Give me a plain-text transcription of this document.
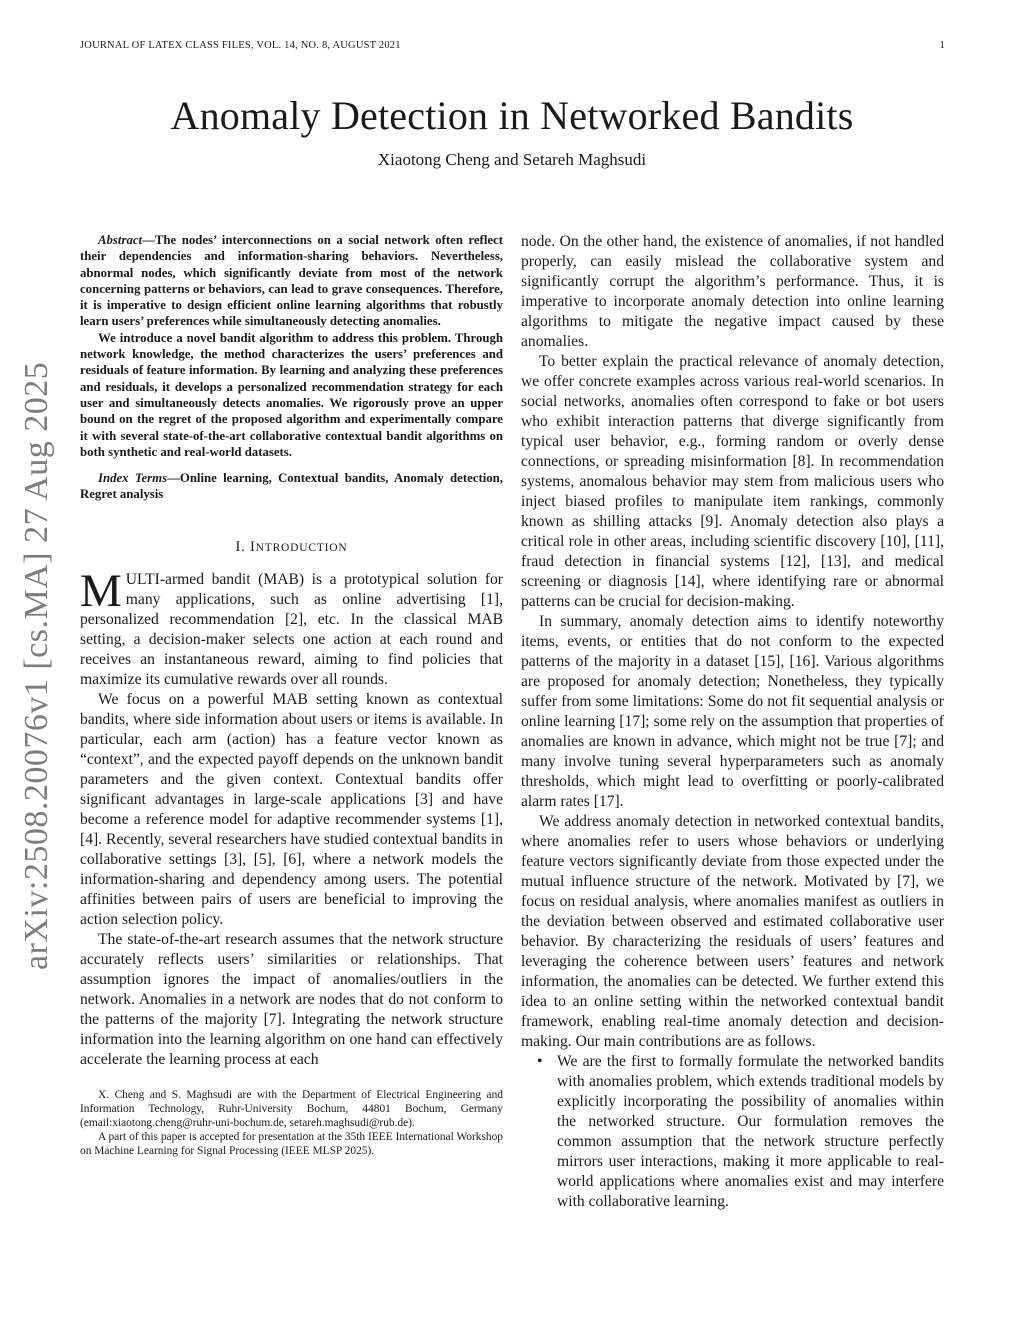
JOURNAL OF LATEX CLASS FILES, VOL. 14, NO. 8, AUGUST 2021	1
arXiv:2508.20076v1 [cs.MA] 27 Aug 2025
Anomaly Detection in Networked Bandits
Xiaotong Cheng and Setareh Maghsudi

Abstract—The nodes’ interconnections on a social network often reflect their dependencies and information-sharing behaviors. Nevertheless, abnormal nodes, which significantly deviate from most of the network concerning patterns or behaviors, can lead to grave consequences. Therefore, it is imperative to design efficient online learning algorithms that robustly learn users’ preferences while simultaneously detecting anomalies.

We introduce a novel bandit algorithm to address this problem. Through network knowledge, the method characterizes the users’ preferences and residuals of feature information. By learning and analyzing these preferences and residuals, it develops a personalized recommendation strategy for each user and simultaneously detects anomalies. We rigorously prove an upper bound on the regret of the proposed algorithm and experimentally compare it with several state-of-the-art collaborative contextual bandit algorithms on both synthetic and real-world datasets.

Index Terms—Online learning, Contextual bandits, Anomaly detection, Regret analysis
I. INTRODUCTION

MULTI-armed bandit (MAB) is a prototypical solution for many applications, such as online advertising [1], personalized recommendation [2], etc. In the classical MAB setting, a decision-maker selects one action at each round and receives an instantaneous reward, aiming to find policies that maximize its cumulative rewards over all rounds.

We focus on a powerful MAB setting known as contextual bandits, where side information about users or items is available. In particular, each arm (action) has a feature vector known as “context”, and the expected payoff depends on the unknown bandit parameters and the given context. Contextual bandits offer significant advantages in large-scale applications [3] and have become a reference model for adaptive recommender systems [1], [4]. Recently, several researchers have studied contextual bandits in collaborative settings [3], [5], [6], where a network models the information-sharing and dependency among users. The potential affinities between pairs of users are beneficial to improving the action selection policy.

The state-of-the-art research assumes that the network structure accurately reflects users’ similarities or relationships. That assumption ignores the impact of anomalies/outliers in the network. Anomalies in a network are nodes that do not conform to the patterns of the majority [7]. Integrating the network structure information into the learning algorithm on one hand can effectively accelerate the learning process at each

X. Cheng and S. Maghsudi are with the Department of Electrical Engineering and Information Technology, Ruhr-University Bochum, 44801 Bochum, Germany (email:xiaotong.cheng@ruhr-uni-bochum.de, setareh.maghsudi@rub.de).

A part of this paper is accepted for presentation at the 35th IEEE International Workshop on Machine Learning for Signal Processing (IEEE MLSP 2025).

node. On the other hand, the existence of anomalies, if not handled properly, can easily mislead the collaborative system and significantly corrupt the algorithm’s performance. Thus, it is imperative to incorporate anomaly detection into online learning algorithms to mitigate the negative impact caused by these anomalies.

To better explain the practical relevance of anomaly detection, we offer concrete examples across various real-world scenarios. In social networks, anomalies often correspond to fake or bot users who exhibit interaction patterns that diverge significantly from typical user behavior, e.g., forming random or overly dense connections, or spreading misinformation [8]. In recommendation systems, anomalous behavior may stem from malicious users who inject biased profiles to manipulate item rankings, commonly known as shilling attacks [9]. Anomaly detection also plays a critical role in other areas, including scientific discovery [10], [11], fraud detection in financial systems [12], [13], and medical screening or diagnosis [14], where identifying rare or abnormal patterns can be crucial for decision-making.

In summary, anomaly detection aims to identify noteworthy items, events, or entities that do not conform to the expected patterns of the majority in a dataset [15], [16]. Various algorithms are proposed for anomaly detection; Nonetheless, they typically suffer from some limitations: Some do not fit sequential analysis or online learning [17]; some rely on the assumption that properties of anomalies are known in advance, which might not be true [7]; and many involve tuning several hyperparameters such as anomaly thresholds, which might lead to overfitting or poorly-calibrated alarm rates [17].

We address anomaly detection in networked contextual bandits, where anomalies refer to users whose behaviors or underlying feature vectors significantly deviate from those expected under the mutual influence structure of the network. Motivated by [7], we focus on residual analysis, where anomalies manifest as outliers in the deviation between observed and estimated collaborative user behavior. By characterizing the residuals of users’ features and leveraging the coherence between users’ features and network information, the anomalies can be detected. We further extend this idea to an online setting within the networked contextual bandit framework, enabling real-time anomaly detection and decision-making. Our main contributions are as follows.

• We are the first to formally formulate the networked bandits with anomalies problem, which extends traditional models by explicitly incorporating the possibility of anomalies within the networked structure. Our formulation removes the common assumption that the network structure perfectly mirrors user interactions, making it more applicable to real-world applications where anomalies exist and may interfere with collaborative learning.
